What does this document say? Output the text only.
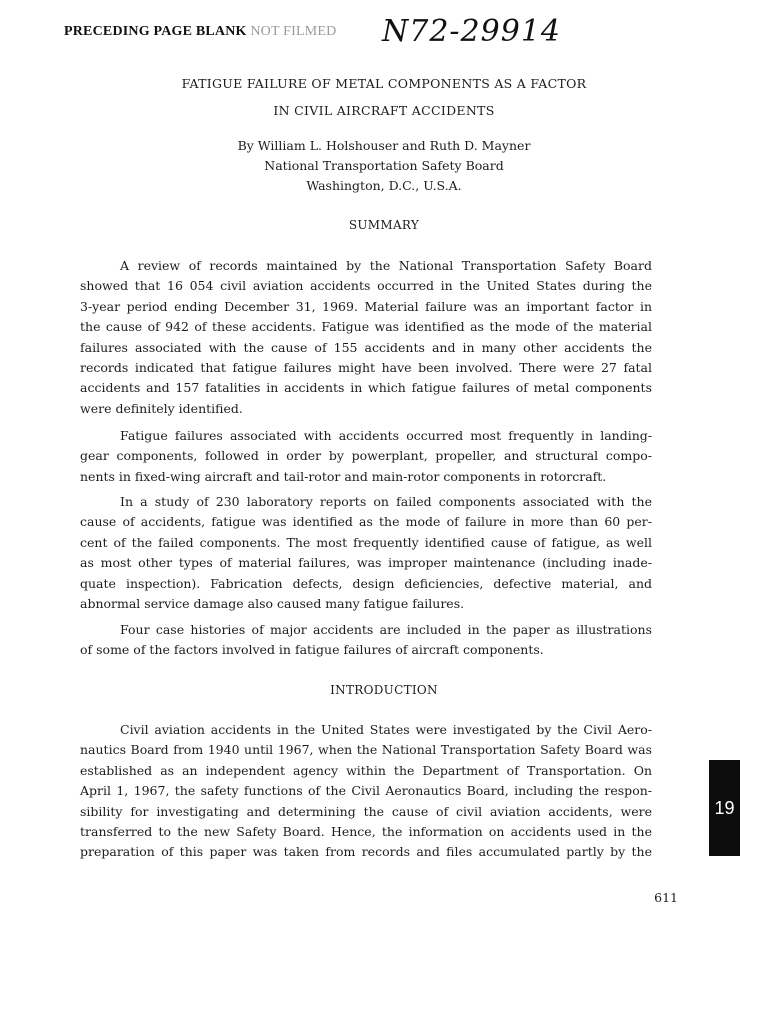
PRECEDING PAGE BLANK NOT FILMED N72-29914
FATIGUE FAILURE OF METAL COMPONENTS AS A FACTOR
IN CIVIL AIRCRAFT ACCIDENTS
By William L. Holshouser and Ruth D. Mayner
National Transportation Safety Board
Washington, D.C., U.S.A.
SUMMARY

A review of records maintained by the National Transportation Safety Board
showed that 16 054 civil aviation accidents occurred in the United States during the
3-year period ending December 31, 1969. Material failure was an important factor in
the cause of 942 of these accidents. Fatigue was identified as the mode of the material
failures associated with the cause of 155 accidents and in many other accidents the
records indicated that fatigue failures might have been involved. There were 27 fatal
accidents and 157 fatalities in accidents in which fatigue failures of metal components
were definitely identified.

Fatigue failures associated with accidents occurred most frequently in landing-
gear components, followed in order by powerplant, propeller, and structural compo-
nents in fixed-wing aircraft and tail-rotor and main-rotor components in rotorcraft.

In a study of 230 laboratory reports on failed components associated with the
cause of accidents, fatigue was identified as the mode of failure in more than 60 per-
cent of the failed components. The most frequently identified cause of fatigue, as well
as most other types of material failures, was improper maintenance (including inade-
quate inspection). Fabrication defects, design deficiencies, defective material, and
abnormal service damage also caused many fatigue failures.

Four case histories of major accidents are included in the paper as illustrations
of some of the factors involved in fatigue failures of aircraft components.

INTRODUCTION

Civil aviation accidents in the United States were investigated by the Civil Aero-
nautics Board from 1940 until 1967, when the National Transportation Safety Board was
established as an independent agency within the Department of Transportation. On
April 1, 1967, the safety functions of the Civil Aeronautics Board, including the respon-
sibility for investigating and determining the cause of civil aviation accidents, were
transferred to the new Safety Board. Hence, the information on accidents used in the
preparation of this paper was taken from records and files accumulated partly by the

19
611
